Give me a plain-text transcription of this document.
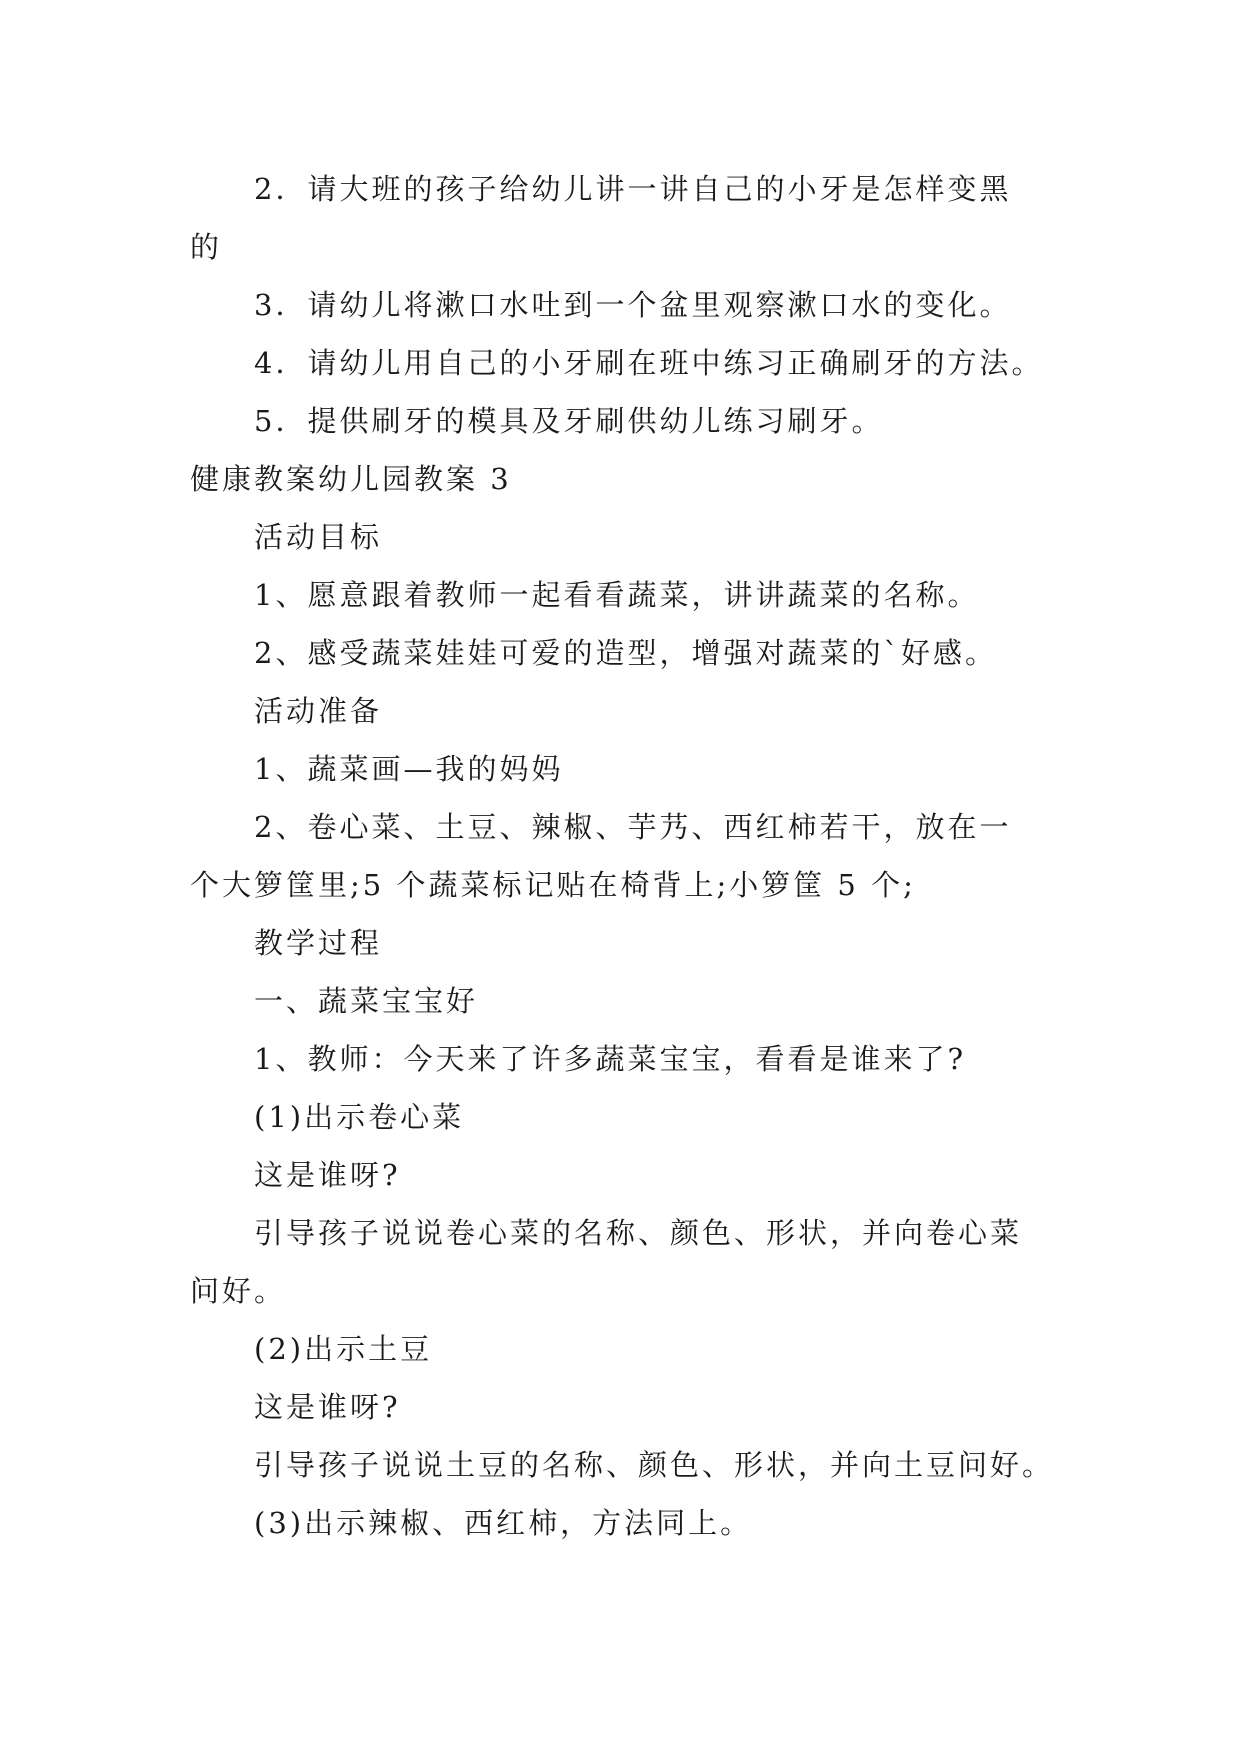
2．请大班的孩子给幼儿讲一讲自己的小牙是怎样变黑
的
3．请幼儿将漱口水吐到一个盆里观察漱口水的变化。
4．请幼儿用自己的小牙刷在班中练习正确刷牙的方法。
5．提供刷牙的模具及牙刷供幼儿练习刷牙。
健康教案幼儿园教案 3
活动目标
1、愿意跟着教师一起看看蔬菜，讲讲蔬菜的名称。
2、感受蔬菜娃娃可爱的造型，增强对蔬菜的`好感。
活动准备
1、蔬菜画—我的妈妈
2、卷心菜、土豆、辣椒、芋艿、西红柿若干，放在一
个大箩筐里;5 个蔬菜标记贴在椅背上;小箩筐 5 个;
教学过程
一、蔬菜宝宝好
1、教师：今天来了许多蔬菜宝宝，看看是谁来了?
(1)出示卷心菜
这是谁呀?
引导孩子说说卷心菜的名称、颜色、形状，并向卷心菜
问好。
(2)出示土豆
这是谁呀?
引导孩子说说土豆的名称、颜色、形状，并向土豆问好。
(3)出示辣椒、西红柿，方法同上。
